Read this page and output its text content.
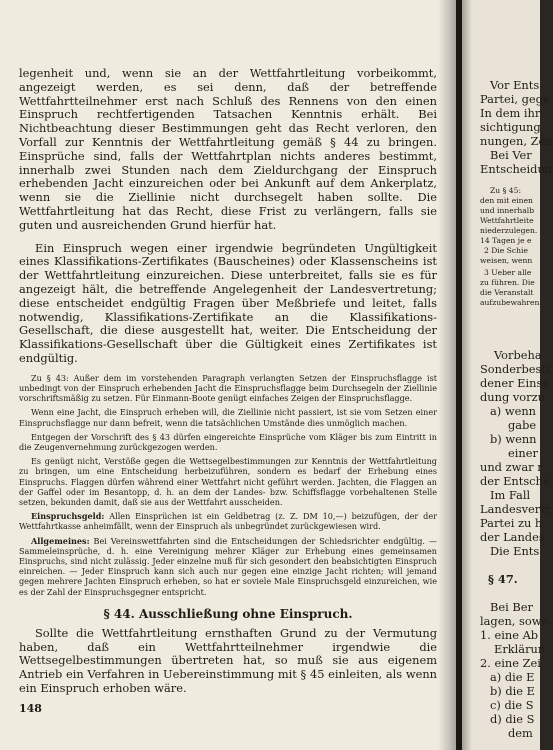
legenheit und, wenn sie an der Wettfahrtleitung vorbeikommt, angezeigt werden, es sei denn, daß der betreffende Wettfahrtteilnehmer erst nach Schluß des Rennens von den einen Einspruch rechtfertigenden Tatsachen Kenntnis erhält. Bei Nichtbeachtung dieser Bestimmungen geht das Recht verloren, den Vorfall zur Kenntnis der Wettfahrtleitung gemäß § 44 zu bringen. Einsprüche sind, falls der Wettfahrtplan nichts anderes bestimmt, innerhalb zwei Stunden nach dem Zieldurchgang der Einspruch erhebenden Jacht einzureichen oder bei Ankunft auf dem Ankerplatz, wenn sie die Ziellinie nicht durchsegelt haben sollte. Die Wettfahrtleitung hat das Recht, diese Frist zu verlängern, falls sie guten und ausreichenden Grund hierfür hat.

Ein Einspruch wegen einer irgendwie begründeten Ungültigkeit eines Klassifikations-Zertifikates (Bauscheines) oder Klassenscheins ist der Wettfahrtleitung einzureichen. Diese unterbreitet, falls sie es für angezeigt hält, die betreffende Angelegenheit der Landesvertretung; diese entscheidet endgültig Fragen über Meßbriefe und leitet, falls notwendig, Klassifikations-Zertifikate an die Klassifikations-Gesellschaft, die diese ausgestellt hat, weiter. Die Entscheidung der Klassifikations-Gesellschaft über die Gültigkeit eines Zertifikates ist endgültig.

Zu § 43: Außer dem im vorstehenden Paragraph verlangten Setzen der Einspruchsflagge ist unbedingt von der Einspruch erhebenden Jacht die Einspruchsflagge beim Durchsegeln der Ziellinie vorschriftsmäßig zu setzen. Für Einmann-Boote genügt einfaches Zeigen der Einspruchsflagge.

Wenn eine Jacht, die Einspruch erheben will, die Ziellinie nicht passiert, ist sie vom Setzen einer Einspruchsflagge nur dann befreit, wenn die tatsächlichen Umstände dies unmöglich machen.

Entgegen der Vorschrift des § 43 dürfen eingereichte Einsprüche vom Kläger bis zum Eintritt in die Zeugenvernehmung zurückgezogen werden.

Es genügt nicht, Verstöße gegen die Wettsegelbestimmungen zur Kenntnis der Wettfahrtleitung zu bringen, um eine Entscheidung herbeizuführen, sondern es bedarf der Erhebung eines Einspruchs. Flaggen dürfen während einer Wettfahrt nicht geführt werden. Jachten, die Flaggen an der Gaffel oder im Besantopp, d. h. an dem der Landes- bzw. Schiffsflagge vorbehaltenen Stelle setzen, bekunden damit, daß sie aus der Wettfahrt ausscheiden.

Einspruchsgeld: Allen Einsprüchen ist ein Geldbetrag (z. Z. DM 10,—) beizufügen, der der Wettfahrtkasse anheimfällt, wenn der Einspruch als unbegründet zurückgewiesen wird.

Allgemeines: Bei Vereinswettfahrten sind die Entscheidungen der Schiedsrichter endgültig. — Sammeleinsprüche, d. h. eine Vereinigung mehrer Kläger zur Erhebung eines gemeinsamen Einspruchs, sind nicht zulässig. Jeder einzelne muß für sich gesondert den beabsichtigten Einspruch einreichen. — Jeder Einspruch kann sich auch nur gegen eine einzige Jacht richten; will jemand gegen mehrere Jachten Einspruch erheben, so hat er soviele Male Einspruchsgeld einzureichen, wie es der Zahl der Einspruchsgegner entspricht.

§ 44. Ausschließung ohne Einspruch.

Sollte die Wettfahrtleitung ernsthaften Grund zu der Vermutung haben, daß ein Wettfahrtteilnehmer irgendwie die Wettsegelbestimmungen übertreten hat, so muß sie aus eigenem Antrieb ein Verfahren in Uebereinstimmung mit § 45 einleiten, als wenn ein Einspruch erhoben wäre.

148
Vor Ents
Partei, gege
In dem ihr
sichtigung
nungen, Zeu
Bei Ver
Entscheidun
Zu § 45:
den mit einen
und innerhalb
Wettfahrtleite
niederzulegen.
14 Tagen je e
2 Die Schie
weisen, wenn
3 Ueber alle
zu führen. Die
die Veranstalt
aufzubewahren
Vorbeha
Sonderbesti
dener Einsp
dung vorzu
a) wenn
gabe
b) wenn
einer
und zwar r
der Entsche
Im Fall
Landesvertr
Partei zu h
der Landes
Die Ents
§ 47.
Bei Ber
lagen, sowe
1. eine Ab
Erklärun
2. eine Zei
a) die E
b) die E
c) die S
d) die S
dem
